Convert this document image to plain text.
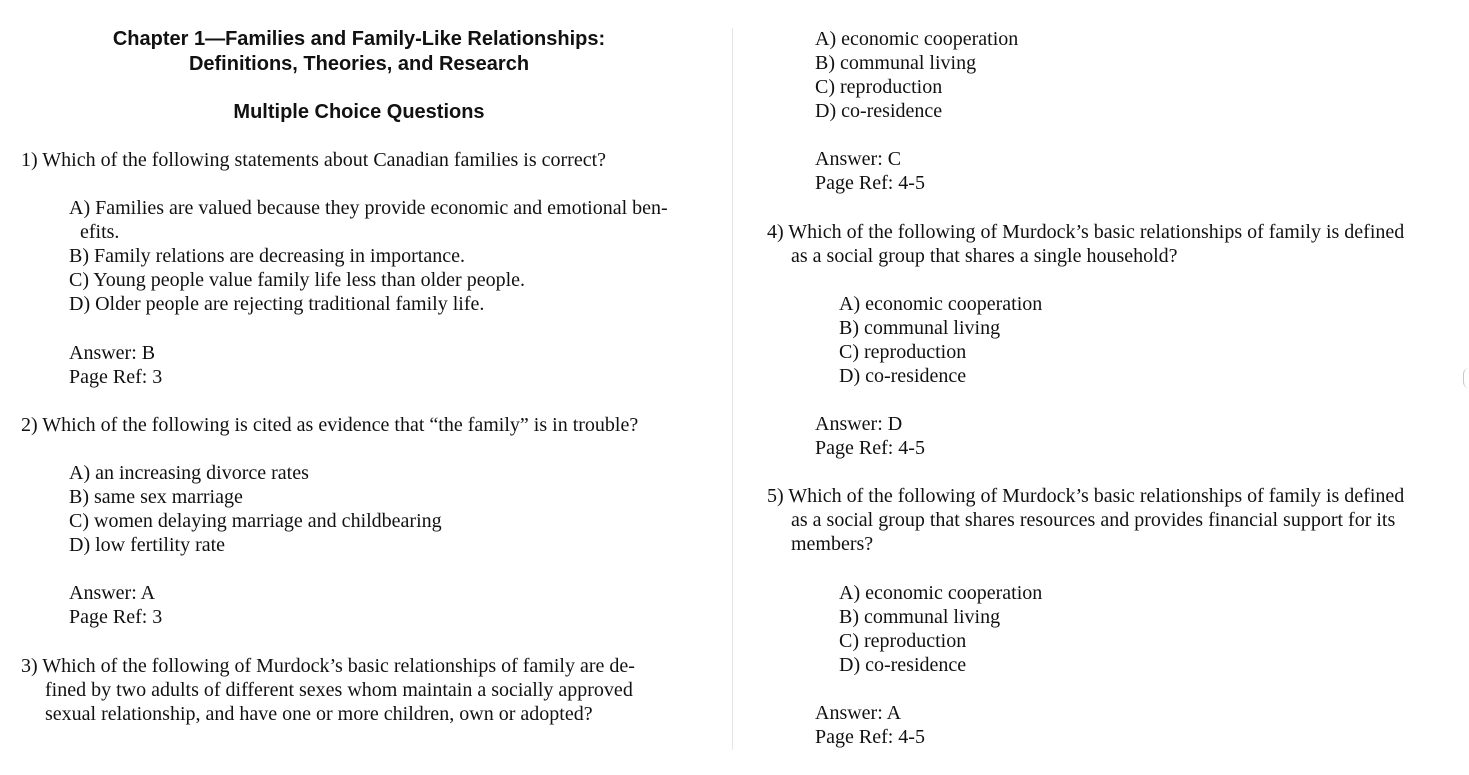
Chapter 1—Families and Family-Like Relationships:
Definitions, Theories, and Research
Multiple Choice Questions
1) Which of the following statements about Canadian families is correct?
A) Families are valued because they provide economic and emotional ben-
efits.
B) Family relations are decreasing in importance.
C) Young people value family life less than older people.
D) Older people are rejecting traditional family life.
Answer: B
Page Ref: 3
2) Which of the following is cited as evidence that “the family” is in trouble?
A) an increasing divorce rates
B) same sex marriage
C) women delaying marriage and childbearing
D) low fertility rate
Answer: A
Page Ref: 3
3) Which of the following of Murdock’s basic relationships of family are de-
fined by two adults of different sexes whom maintain a socially approved
sexual relationship, and have one or more children, own or adopted?
A) economic cooperation
B) communal living
C) reproduction
D) co-residence
Answer: C
Page Ref: 4-5
4) Which of the following of Murdock’s basic relationships of family is defined
as a social group that shares a single household?
A) economic cooperation
B) communal living
C) reproduction
D) co-residence
Answer: D
Page Ref: 4-5
5) Which of the following of Murdock’s basic relationships of family is defined
as a social group that shares resources and provides financial support for its
members?
A) economic cooperation
B) communal living
C) reproduction
D) co-residence
Answer: A
Page Ref: 4-5
